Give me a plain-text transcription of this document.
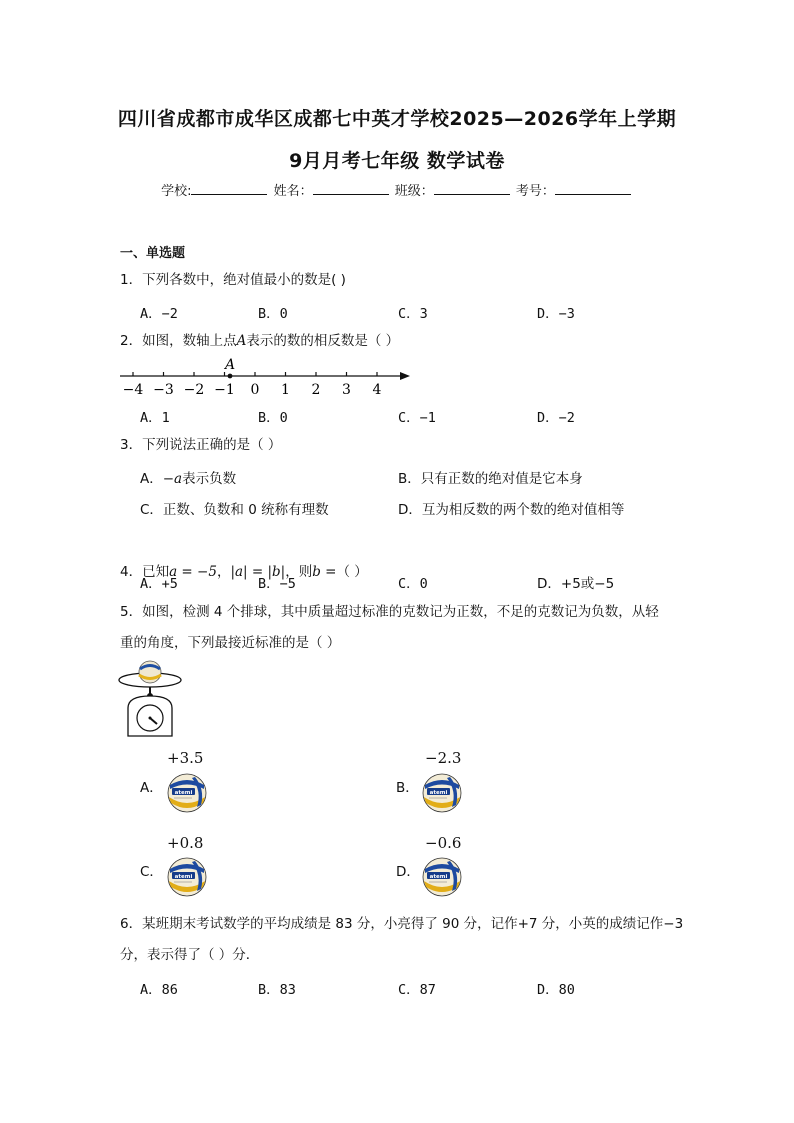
四川省成都市成华区成都七中英才学校2025—2026学年上学期
9月月考七年级 数学试卷
学校:	姓名：	班级：	考号：
一、单选题
1．下列各数中，绝对值最小的数是( )
A．−2	B．0	C．3	D．−3
2．如图，数轴上点A表示的数的相反数是（ ）
A
−4 −3 −2 −1 0 1 2 3 4
A．1	B．0	C．−1	D．−2
3．下列说法正确的是（ ）
A．−a表示负数	B．只有正数的绝对值是它本身
C．正数、负数和 0 统称有理数	D．互为相反数的两个数的绝对值相等
4．已知a = −5，|a| = |b|，则b =（ ）
A．+5	B．−5	C．0	D．+5或−5
5．如图，检测 4 个排球，其中质量超过标准的克数记为正数，不足的克数记为负数，从轻
重的角度，下列最接近标准的是（ ）
A．
+3.5
atemi	B．
−2.3
atemi
C．
+0.8
atemi	D．
−0.6
atemi
6．某班期末考试数学的平均成绩是 83 分，小亮得了 90 分，记作+7 分，小英的成绩记作−3
分，表示得了（ ）分．
A．86	B．83	C．87	D．80
